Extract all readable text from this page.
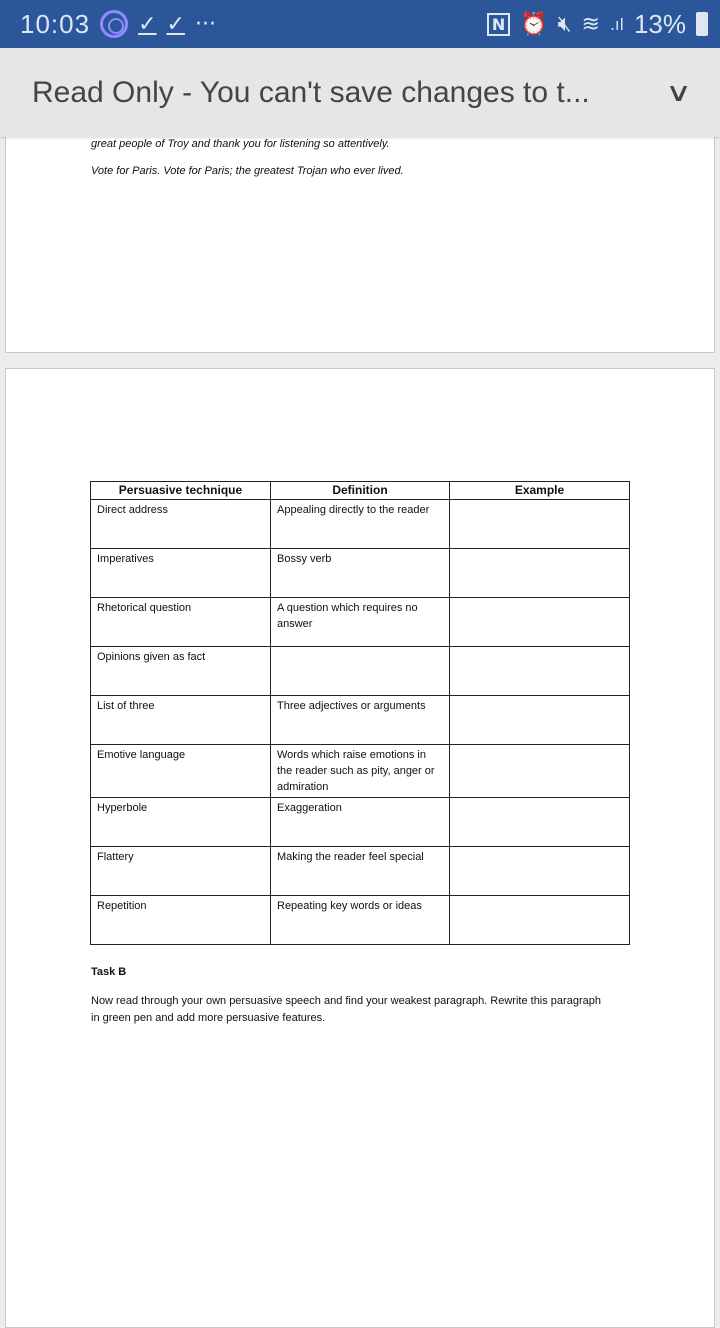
10:03 ✓ ✓ ···	N ⏰ 🔇︎ ≋ .ıl 13%
Read Only - You can't save changes to t...	∨
great people of Troy and thank you for listening so attentively.
Vote for Paris. Vote for Paris; the greatest Trojan who ever lived.
Persuasive technique	Definition	Example
Direct address	Appealing directly to the reader	
Imperatives	Bossy verb	
Rhetorical question	A question which requires no answer	
Opinions given as fact		
List of three	Three adjectives or arguments	
Emotive language	Words which raise emotions in the reader such as pity, anger or admiration	
Hyperbole	Exaggeration	
Flattery	Making the reader feel special	
Repetition	Repeating key words or ideas	
Task B
Now read through your own persuasive speech and find your weakest paragraph. Rewrite this paragraph in green pen and add more persuasive features.
